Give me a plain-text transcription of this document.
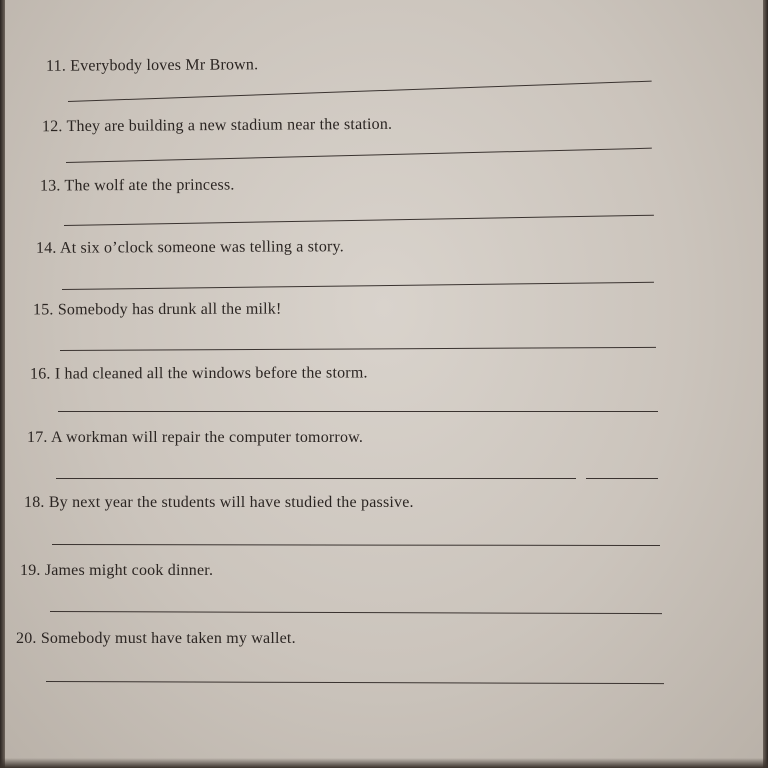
11. Everybody loves Mr Brown.
12. They are building a new stadium near the station.
13. The wolf ate the princess.
14. At six o’clock someone was telling a story.
15. Somebody has drunk all the milk!
16. I had cleaned all the windows before the storm.
17. A workman will repair the computer tomorrow.
18. By next year the students will have studied the passive.
19. James might cook dinner.
20. Somebody must have taken my wallet.
